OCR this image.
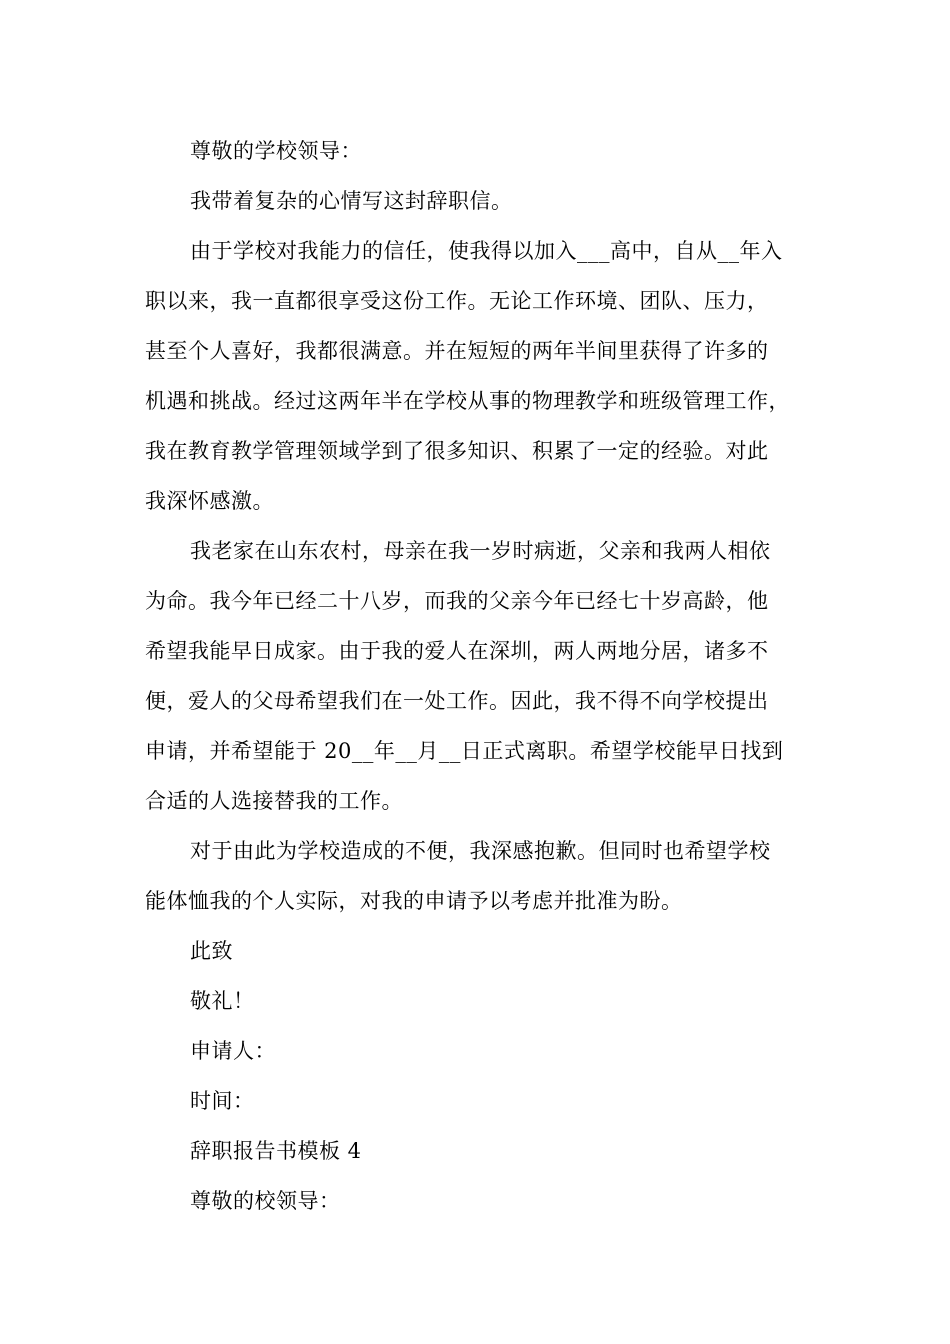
尊敬的学校领导：
我带着复杂的心情写这封辞职信。
由于学校对我能力的信任，使我得以加入___高中，自从__年入
职以来，我一直都很享受这份工作。无论工作环境、团队、压力，
甚至个人喜好，我都很满意。并在短短的两年半间里获得了许多的
机遇和挑战。经过这两年半在学校从事的物理教学和班级管理工作，
我在教育教学管理领域学到了很多知识、积累了一定的经验。对此
我深怀感激。
我老家在山东农村，母亲在我一岁时病逝，父亲和我两人相依
为命。我今年已经二十八岁，而我的父亲今年已经七十岁高龄，他
希望我能早日成家。由于我的爱人在深圳，两人两地分居，诸多不
便，爱人的父母希望我们在一处工作。因此，我不得不向学校提出
申请，并希望能于 20__年__月__日正式离职。希望学校能早日找到
合适的人选接替我的工作。
对于由此为学校造成的不便，我深感抱歉。但同时也希望学校
能体恤我的个人实际，对我的申请予以考虑并批准为盼。
此致
敬礼！
申请人：
时间：
辞职报告书模板 4
尊敬的校领导：
